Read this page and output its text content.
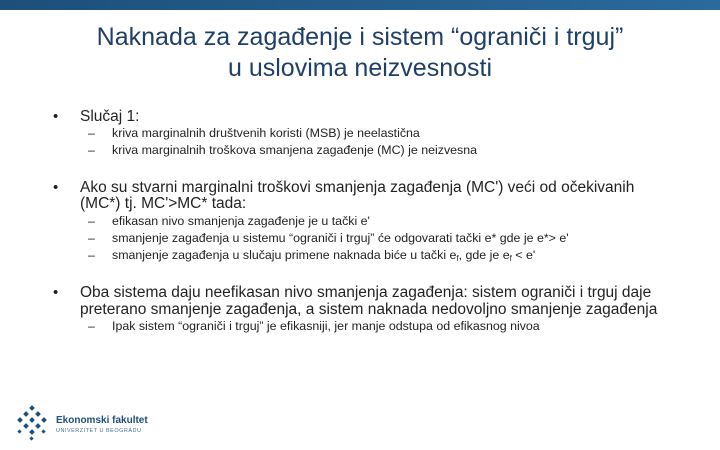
Naknada za zagađenje i sistem “ograniči i trguj”
u uslovima neizvesnosti
• Slučaj 1:
– kriva marginalnih društvenih koristi (MSB) je neelastična
– kriva marginalnih troškova smanjena zagađenje (MC) je neizvesna
• Ako su stvarni marginalni troškovi smanjenja zagađenja (MC') veći od očekivanih
(MC*) tj. MC'>MC* tada:
– efikasan nivo smanjenja zagađenje je u tački e'
– smanjenje zagađenja u sistemu “ograniči i trguj” će odgovarati tački e* gde je e*> e'
– smanjenje zagađenja u slučaju primene naknada biće u tački $e_f$, gde je $e_f < e'$
• Oba sistema daju neefikasan nivo smanjenja zagađenja: sistem ograniči i trguj daje
preterano smanjenje zagađenja, a sistem naknada nedovoljno smanjenje zagađenja
– Ipak sistem “ograniči i trguj” je efikasniji, jer manje odstupa od efikasnog nivoa
Ekonomski fakultet
UNIVERZITET U BEOGRADU
